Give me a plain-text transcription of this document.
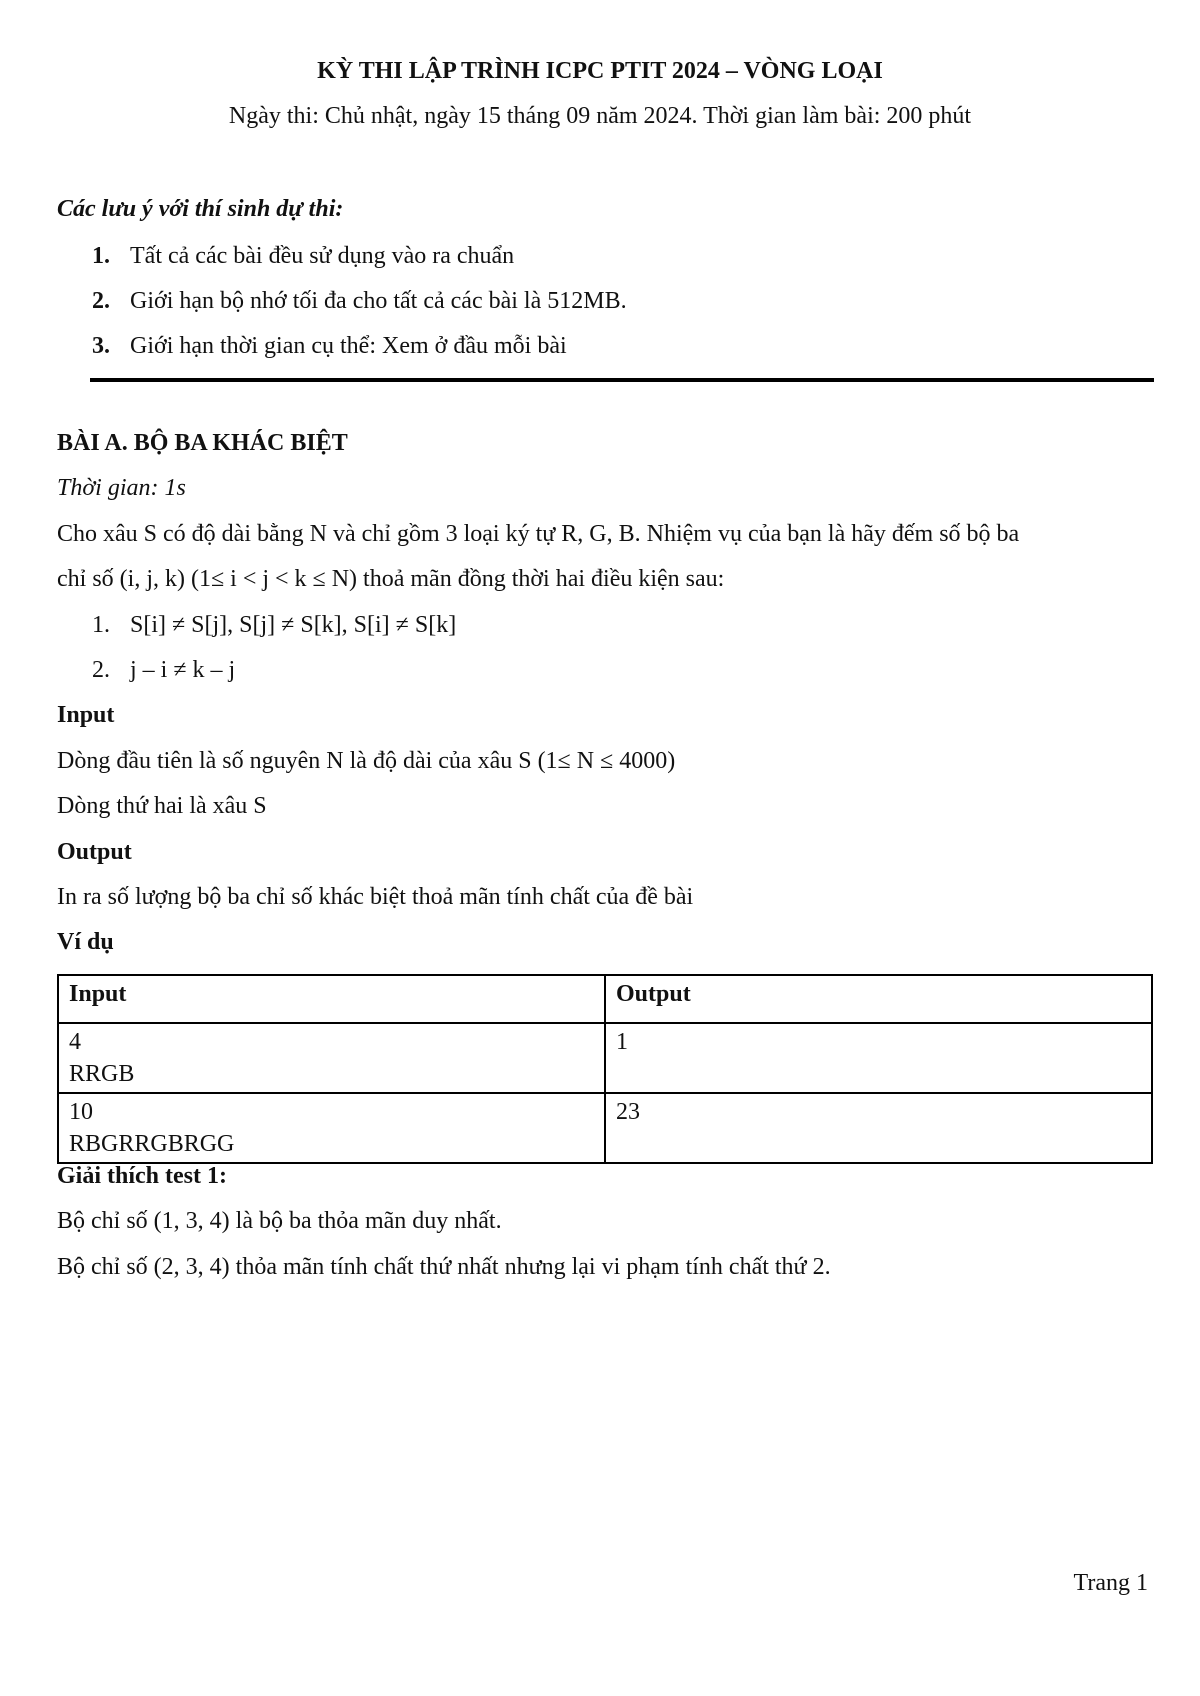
KỲ THI LẬP TRÌNH ICPC PTIT 2024 – VÒNG LOẠI
Ngày thi: Chủ nhật, ngày 15 tháng 09 năm 2024. Thời gian làm bài: 200 phút
Các lưu ý với thí sinh dự thi:
1. Tất cả các bài đều sử dụng vào ra chuẩn
2. Giới hạn bộ nhớ tối đa cho tất cả các bài là 512MB.
3. Giới hạn thời gian cụ thể: Xem ở đầu mỗi bài
BÀI A. BỘ BA KHÁC BIỆT
Thời gian: 1s
Cho xâu S có độ dài bằng N và chỉ gồm 3 loại ký tự R, G, B. Nhiệm vụ của bạn là hãy đếm số bộ ba
chỉ số (i, j, k) (1≤ i < j < k ≤ N) thoả mãn đồng thời hai điều kiện sau:
1. S[i] ≠ S[j], S[j] ≠ S[k], S[i] ≠ S[k]
2. j – i ≠ k – j
Input
Dòng đầu tiên là số nguyên N là độ dài của xâu S (1≤ N ≤ 4000)
Dòng thứ hai là xâu S
Output
In ra số lượng bộ ba chỉ số khác biệt thoả mãn tính chất của đề bài
Ví dụ
Input	Output

4
RRGB	1

10
RBGRRGBRGG	23
Giải thích test 1:
Bộ chỉ số (1, 3, 4) là bộ ba thỏa mãn duy nhất.
Bộ chỉ số (2, 3, 4) thỏa mãn tính chất thứ nhất nhưng lại vi phạm tính chất thứ 2.
Trang 1
